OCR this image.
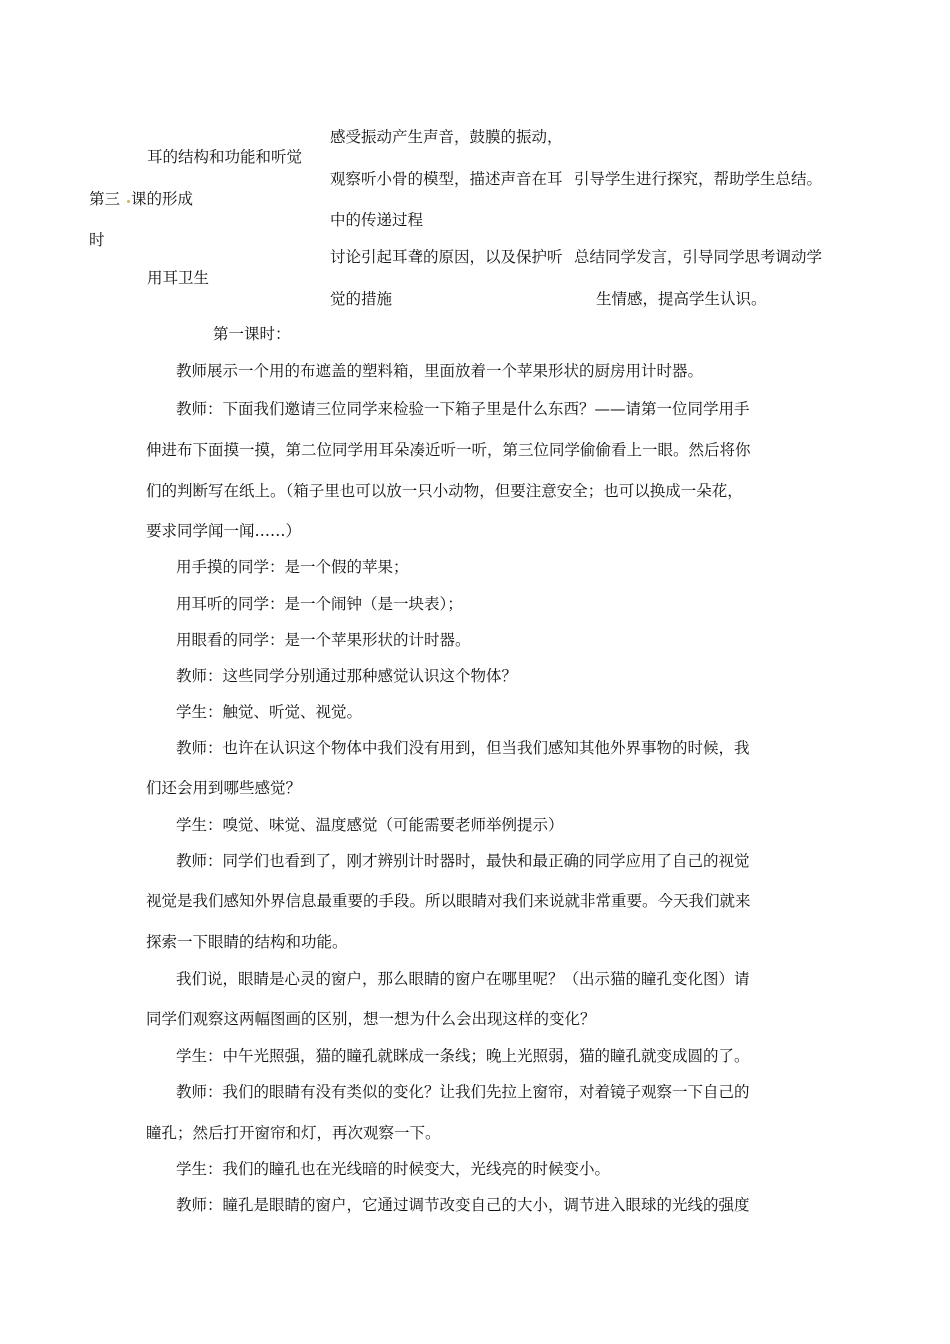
感受振动产生声音，鼓膜的振动，
耳的结构和功能和听觉
观察听小骨的模型，描述声音在耳 引导学生进行探究，帮助学生总结。
第三 课的形成
中的传递过程
时
讨论引起耳聋的原因，以及保护听 总结同学发言，引导同学思考调动学
用耳卫生
觉的措施	生情感，提高学生认识。
第一课时：
教师展示一个用的布遮盖的塑料箱，里面放着一个苹果形状的厨房用计时器。
教师：下面我们邀请三位同学来检验一下箱子里是什么东西？——请第一位同学用手
伸进布下面摸一摸，第二位同学用耳朵凑近听一听，第三位同学偷偷看上一眼。然后将你
们的判断写在纸上。（箱子里也可以放一只小动物，但要注意安全；也可以换成一朵花，
要求同学闻一闻……）
用手摸的同学：是一个假的苹果；
用耳听的同学：是一个闹钟（是一块表）；
用眼看的同学：是一个苹果形状的计时器。
教师：这些同学分别通过那种感觉认识这个物体？
学生：触觉、听觉、视觉。
教师：也许在认识这个物体中我们没有用到，但当我们感知其他外界事物的时候，我
们还会用到哪些感觉？
学生：嗅觉、味觉、温度感觉（可能需要老师举例提示）
教师：同学们也看到了，刚才辨别计时器时，最快和最正确的同学应用了自己的视觉
视觉是我们感知外界信息最重要的手段。所以眼睛对我们来说就非常重要。今天我们就来
探索一下眼睛的结构和功能。
我们说，眼睛是心灵的窗户，那么眼睛的窗户在哪里呢？（出示猫的瞳孔变化图）请
同学们观察这两幅图画的区别，想一想为什么会出现这样的变化？
学生：中午光照强，猫的瞳孔就眯成一条线；晚上光照弱，猫的瞳孔就变成圆的了。
教师：我们的眼睛有没有类似的变化？让我们先拉上窗帘，对着镜子观察一下自己的
瞳孔；然后打开窗帘和灯，再次观察一下。
学生：我们的瞳孔也在光线暗的时候变大，光线亮的时候变小。
教师：瞳孔是眼睛的窗户，它通过调节改变自己的大小，调节进入眼球的光线的强度
